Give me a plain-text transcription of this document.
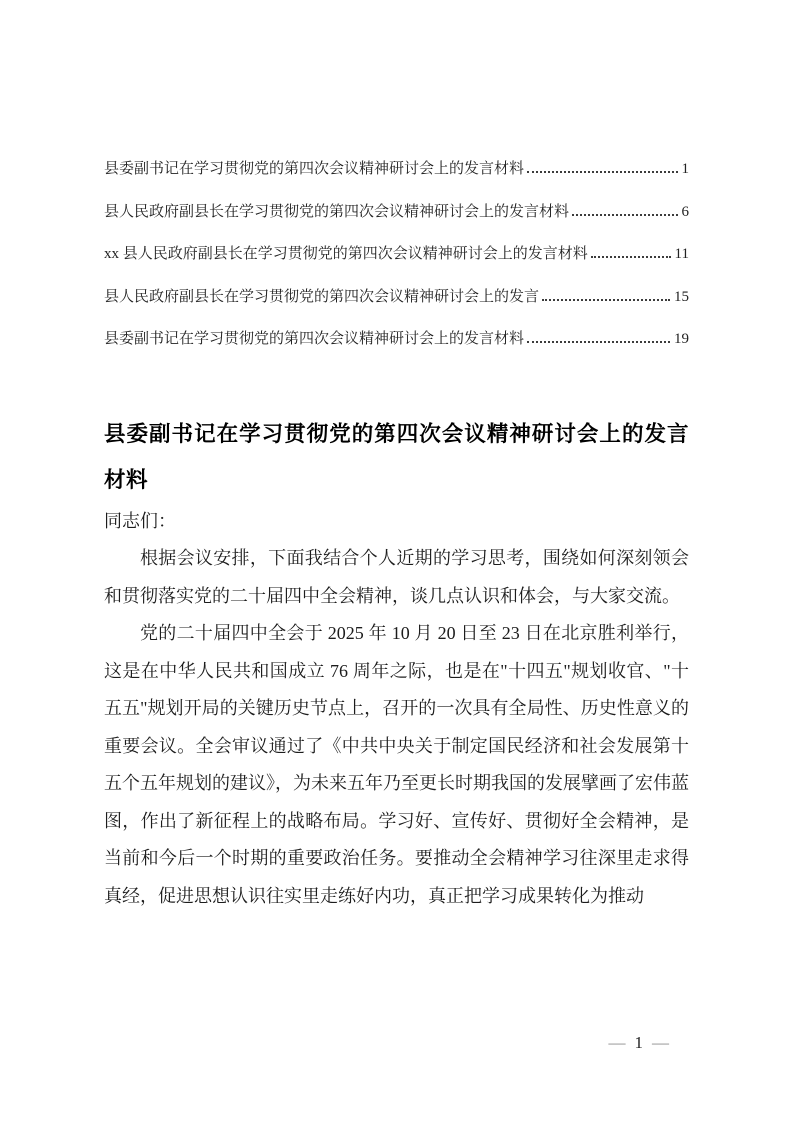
县委副书记在学习贯彻党的第四次会议精神研讨会上的发言材料	1
县人民政府副县长在学习贯彻党的第四次会议精神研讨会上的发言材料	6
xx 县人民政府副县长在学习贯彻党的第四次会议精神研讨会上的发言材料	11
县人民政府副县长在学习贯彻党的第四次会议精神研讨会上的发言	15
县委副书记在学习贯彻党的第四次会议精神研讨会上的发言材料	19
县委副书记在学习贯彻党的第四次会议精神研讨会上的发言材料

同志们：

根据会议安排，下面我结合个人近期的学习思考，围绕如何深刻领会和贯彻落实党的二十届四中全会精神，谈几点认识和体会，与大家交流。

党的二十届四中全会于 2025 年 10 月 20 日至 23 日在北京胜利举行，这是在中华人民共和国成立 76 周年之际，也是在"十四五"规划收官、"十五五"规划开局的关键历史节点上，召开的一次具有全局性、历史性意义的重要会议。全会审议通过了《中共中央关于制定国民经济和社会发展第十五个五年规划的建议》，为未来五年乃至更长时期我国的发展擘画了宏伟蓝图，作出了新征程上的战略布局。学习好、宣传好、贯彻好全会精神，是当前和今后一个时期的重要政治任务。要推动全会精神学习往深里走求得真经，促进思想认识往实里走练好内功，真正把学习成果转化为推动

— 1 —
